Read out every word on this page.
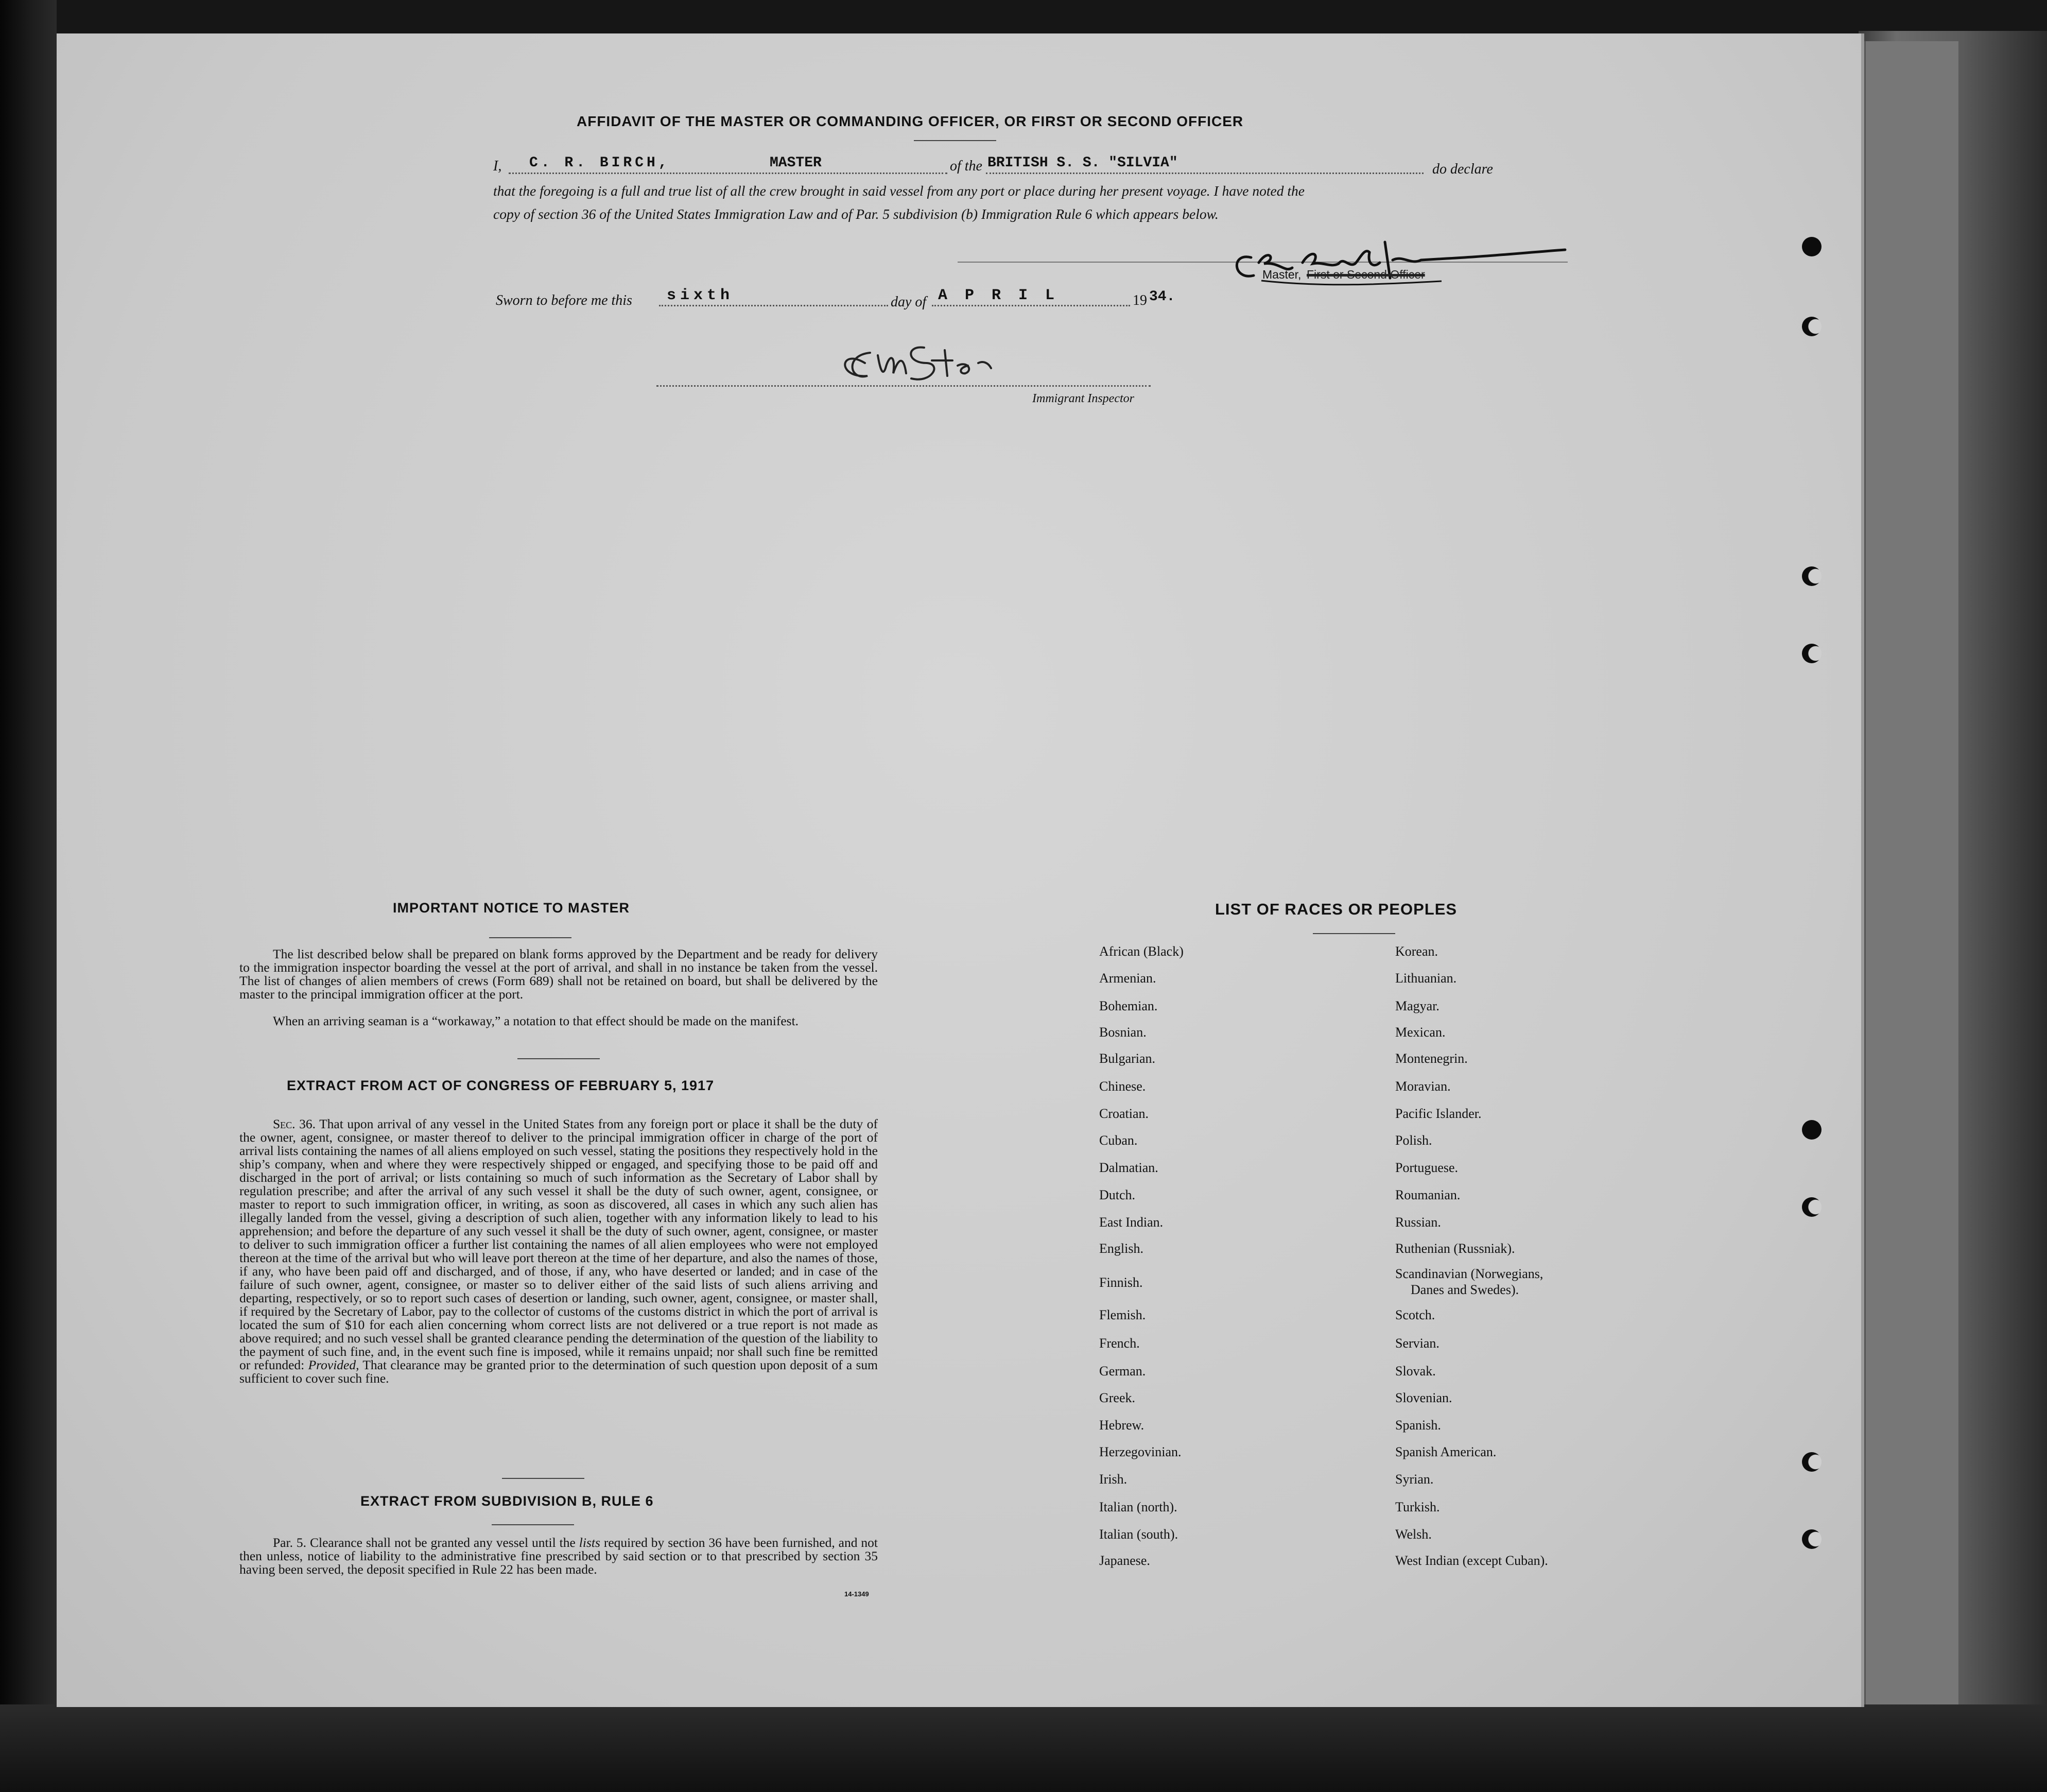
AFFIDAVIT OF THE MASTER OR COMMANDING OFFICER, OR FIRST OR SECOND OFFICER
I, C. R. BIRCH,	MASTER	of the BRITISH S. S. "SILVIA"	do declare
that the foregoing is a full and true list of all the crew brought in said vessel from any port or place during her present voyage. I have noted the
copy of section 36 of the United States Immigration Law and of Par. 5 subdivision (b) Immigration Rule 6 which appears below.
Master, First or Second Officer
Sworn to before me this sixth	day of A P R I L	19 34.
Immigrant Inspector
IMPORTANT NOTICE TO MASTER
The list described below shall be prepared on blank forms approved by the Department and be ready for delivery to the immigration inspector boarding the vessel at the port of arrival, and shall in no instance be taken from the vessel. The list of changes of alien members of crews (Form 689) shall not be retained on board, but shall be delivered by the master to the principal immigration officer at the port.
When an arriving seaman is a “workaway,” a notation to that effect should be made on the manifest.
EXTRACT FROM ACT OF CONGRESS OF FEBRUARY 5, 1917
Sec. 36. That upon arrival of any vessel in the United States from any foreign port or place it shall be the duty of the owner, agent, consignee, or master thereof to deliver to the principal immigration officer in charge of the port of arrival lists containing the names of all aliens employed on such vessel, stating the positions they respectively hold in the ship’s company, when and where they were respectively shipped or engaged, and specifying those to be paid off and discharged in the port of arrival; or lists containing so much of such information as the Secretary of Labor shall by regulation prescribe; and after the arrival of any such vessel it shall be the duty of such owner, agent, consignee, or master to report to such immigration officer, in writing, as soon as discovered, all cases in which any such alien has illegally landed from the vessel, giving a description of such alien, together with any information likely to lead to his apprehension; and before the departure of any such vessel it shall be the duty of such owner, agent, consignee, or master to deliver to such immigration officer a further list containing the names of all alien employees who were not employed thereon at the time of the arrival but who will leave port thereon at the time of her departure, and also the names of those, if any, who have been paid off and discharged, and of those, if any, who have deserted or landed; and in case of the failure of such owner, agent, consignee, or master so to deliver either of the said lists of such aliens arriving and departing, respectively, or so to report such cases of desertion or landing, such owner, agent, consignee, or master shall, if required by the Secretary of Labor, pay to the collector of customs of the customs district in which the port of arrival is located the sum of $10 for each alien concerning whom correct lists are not delivered or a true report is not made as above required; and no such vessel shall be granted clearance pending the determination of the question of the liability to the payment of such fine, and, in the event such fine is imposed, while it remains unpaid; nor shall such fine be remitted or refunded: Provided, That clearance may be granted prior to the determination of such question upon deposit of a sum sufficient to cover such fine.
EXTRACT FROM SUBDIVISION B, RULE 6
Par. 5. Clearance shall not be granted any vessel until the lists required by section 36 have been furnished, and not then unless, notice of liability to the administrative fine prescribed by said section or to that prescribed by section 35 having been served, the deposit specified in Rule 22 has been made.
14-1349
LIST OF RACES OR PEOPLES
African (Black)
Armenian.
Bohemian.
Bosnian.
Bulgarian.
Chinese.
Croatian.
Cuban.
Dalmatian.
Dutch.
East Indian.
English.
Finnish.
Flemish.
French.
German.
Greek.
Hebrew.
Herzegovinian.
Irish.
Italian (north).
Italian (south).
Japanese.
Korean.
Lithuanian.
Magyar.
Mexican.
Montenegrin.
Moravian.
Pacific Islander.
Polish.
Portuguese.
Roumanian.
Russian.
Ruthenian (Russniak).
Scandinavian (Norwegians,
Danes and Swedes).
Scotch.
Servian.
Slovak.
Slovenian.
Spanish.
Spanish American.
Syrian.
Turkish.
Welsh.
West Indian (except Cuban).
